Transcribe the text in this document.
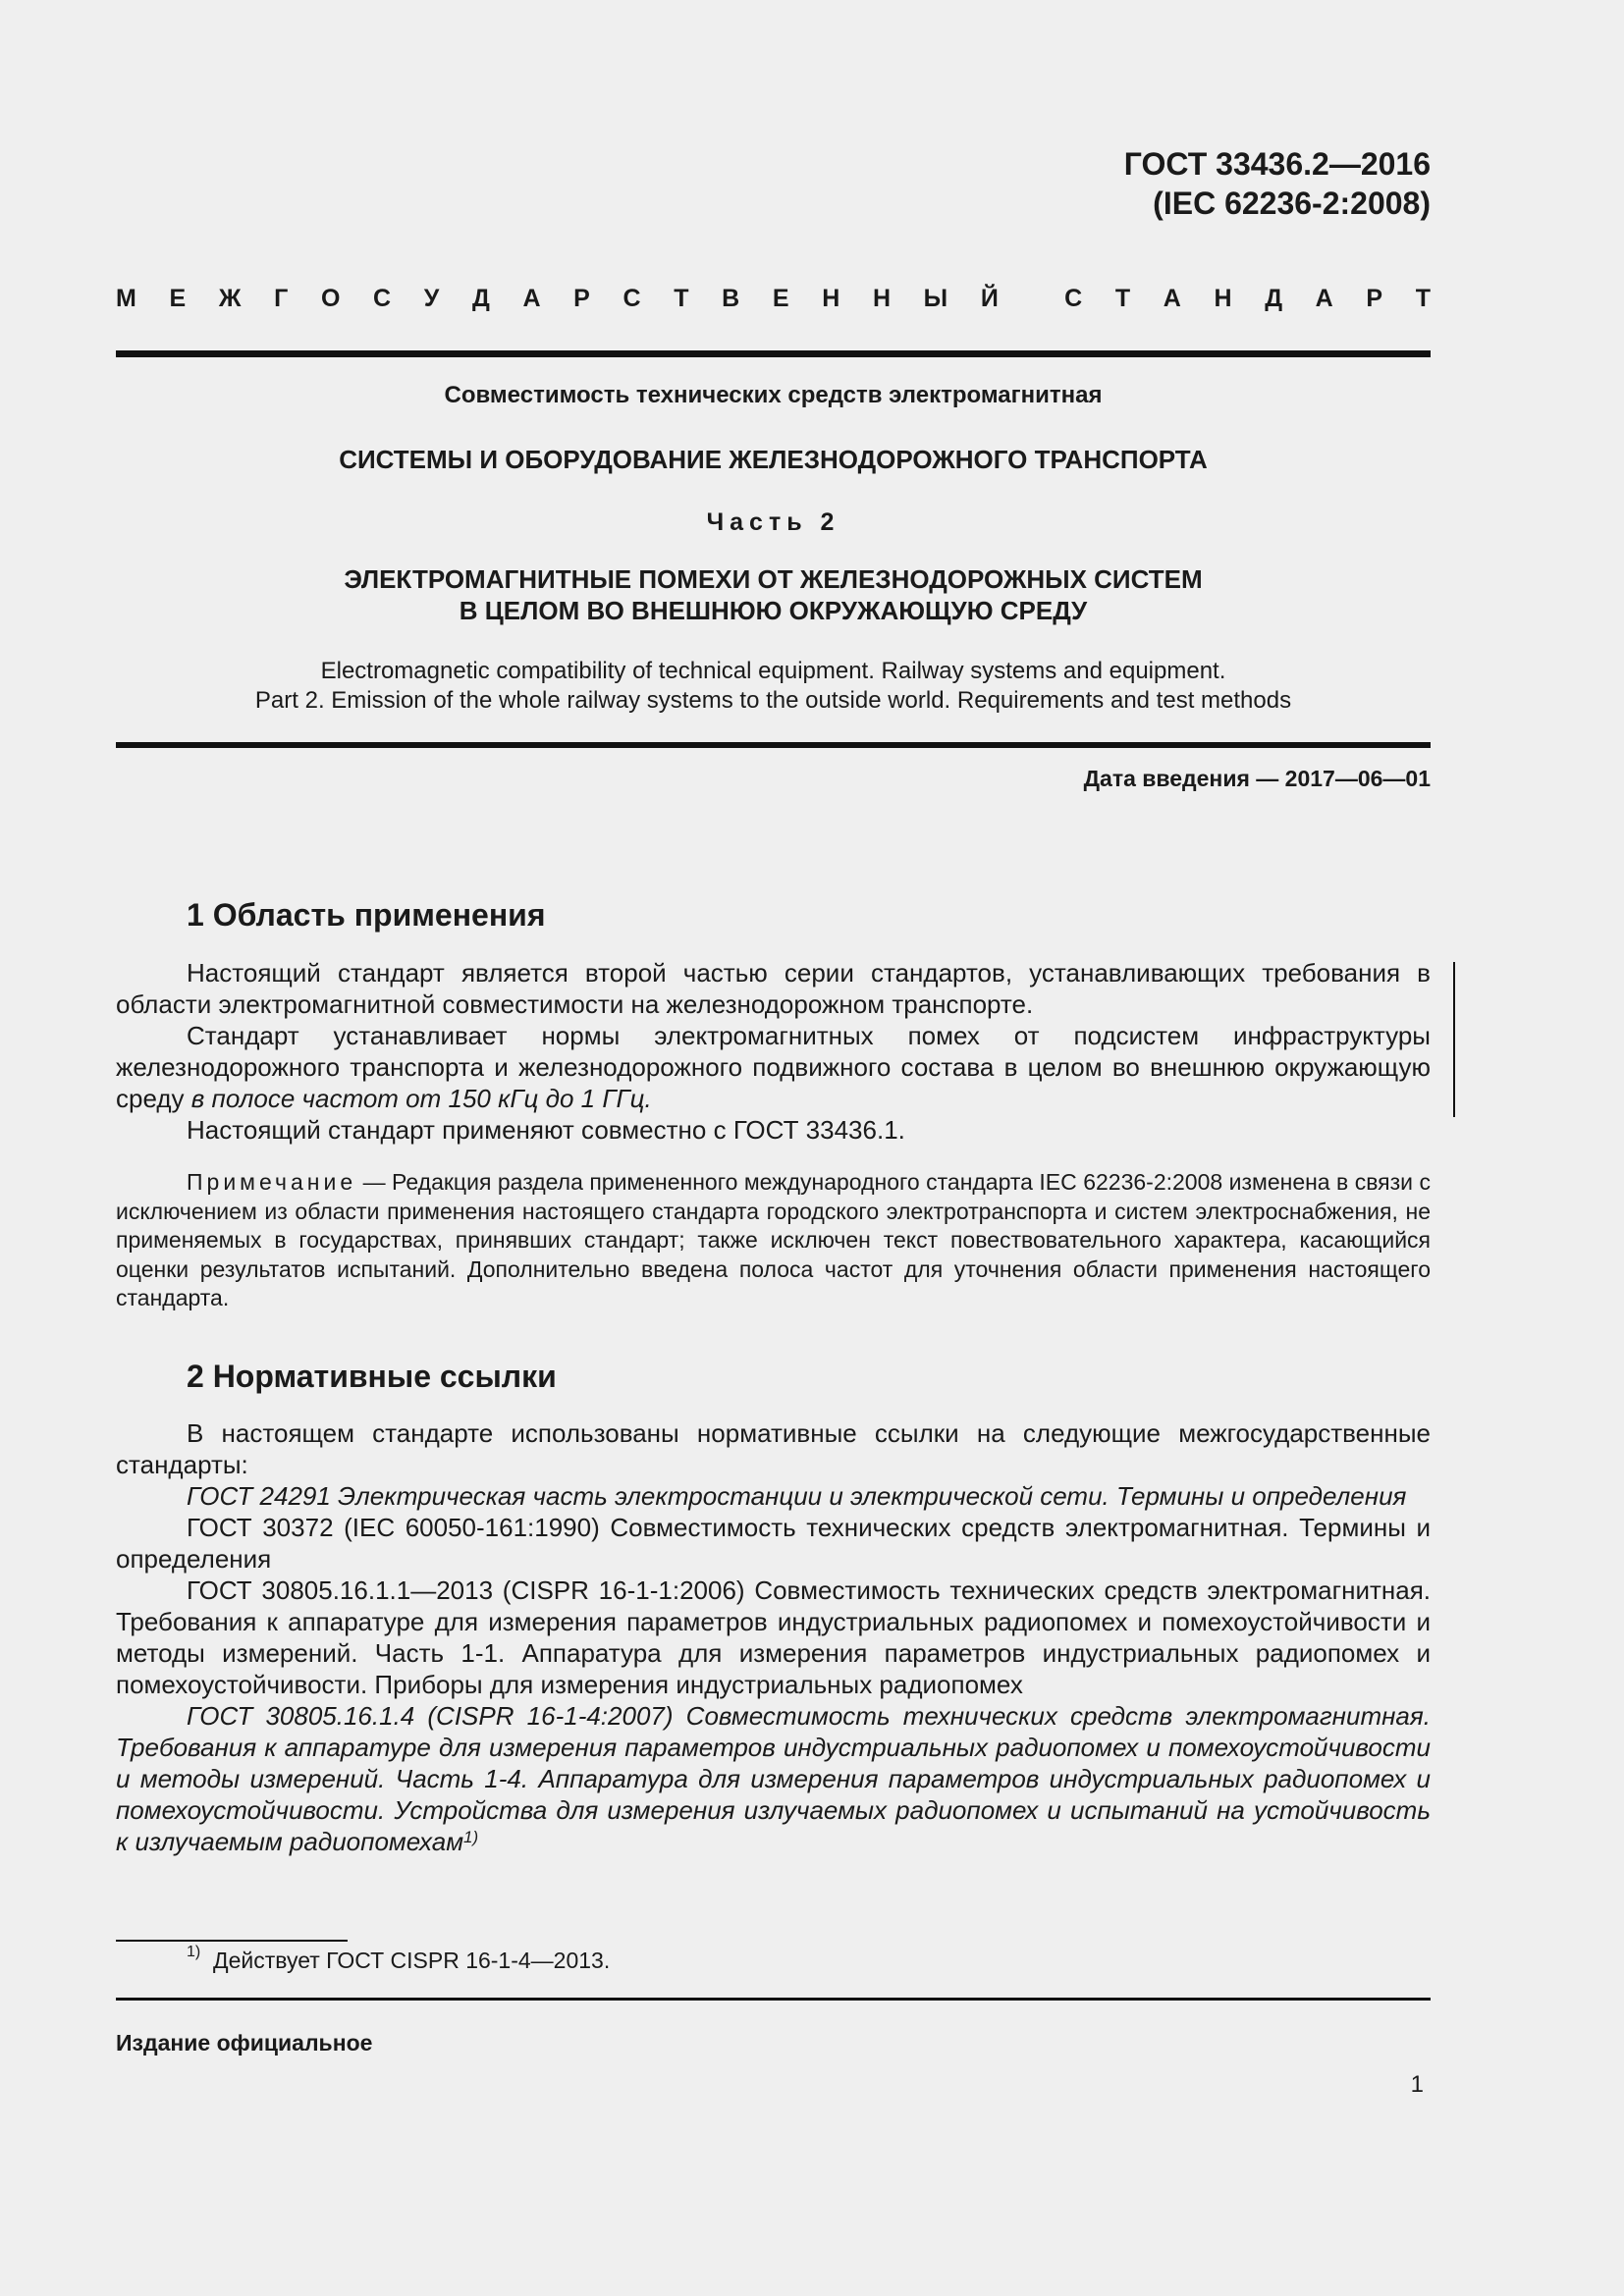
ГОСТ 33436.2—2016
(IEC 62236-2:2008)
М Е Ж Г О С У Д А Р С Т В Е Н Н Ы Й	С Т А Н Д А Р Т
Совместимость технических средств электромагнитная
СИСТЕМЫ И ОБОРУДОВАНИЕ ЖЕЛЕЗНОДОРОЖНОГО ТРАНСПОРТА
Часть 2
ЭЛЕКТРОМАГНИТНЫЕ ПОМЕХИ ОТ ЖЕЛЕЗНОДОРОЖНЫХ СИСТЕМ
В ЦЕЛОМ ВО ВНЕШНЮЮ ОКРУЖАЮЩУЮ СРЕДУ
Electromagnetic compatibility of technical equipment. Railway systems and equipment.
Part 2. Emission of the whole railway systems to the outside world. Requirements and test methods
Дата введения — 2017—06—01
1 Область применения

Настоящий стандарт является второй частью серии стандартов, устанавливающих требования в области электромагнитной совместимости на железнодорожном транспорте.

Стандарт устанавливает нормы электромагнитных помех от подсистем инфраструктуры железнодорожного транспорта и железнодорожного подвижного состава в целом во внешнюю окружающую среду в полосе частот от 150 кГц до 1 ГГц.

Настоящий стандарт применяют совместно с ГОСТ 33436.1.

Примечание — Редакция раздела примененного международного стандарта IEC 62236-2:2008 изменена в связи с исключением из области применения настоящего стандарта городского электротранспорта и систем электроснабжения, не применяемых в государствах, принявших стандарт; также исключен текст повествовательного характера, касающийся оценки результатов испытаний. Дополнительно введена полоса частот для уточнения области применения настоящего стандарта.

2 Нормативные ссылки

В настоящем стандарте использованы нормативные ссылки на следующие межгосударственные стандарты:

ГОСТ 24291 Электрическая часть электростанции и электрической сети. Термины и определения

ГОСТ 30372 (IEC 60050-161:1990) Совместимость технических средств электромагнитная. Термины и определения

ГОСТ 30805.16.1.1—2013 (CISPR 16-1-1:2006) Совместимость технических средств электромагнитная. Требования к аппаратуре для измерения параметров индустриальных радиопомех и помехоустойчивости и методы измерений. Часть 1-1. Аппаратура для измерения параметров индустриальных радиопомех и помехоустойчивости. Приборы для измерения индустриальных радиопомех

ГОСТ 30805.16.1.4 (CISPR 16-1-4:2007) Совместимость технических средств электромагнитная. Требования к аппаратуре для измерения параметров индустриальных радиопомех и помехоустойчивости и методы измерений. Часть 1-4. Аппаратура для измерения параметров индустриальных радиопомех и помехоустойчивости. Устройства для измерения излучаемых радиопомех и испытаний на устойчивость к излучаемым радиопомехам$^{1)}$

$^{1)}$ Действует ГОСТ CISPR 16-1-4—2013.
Издание официальное
1
